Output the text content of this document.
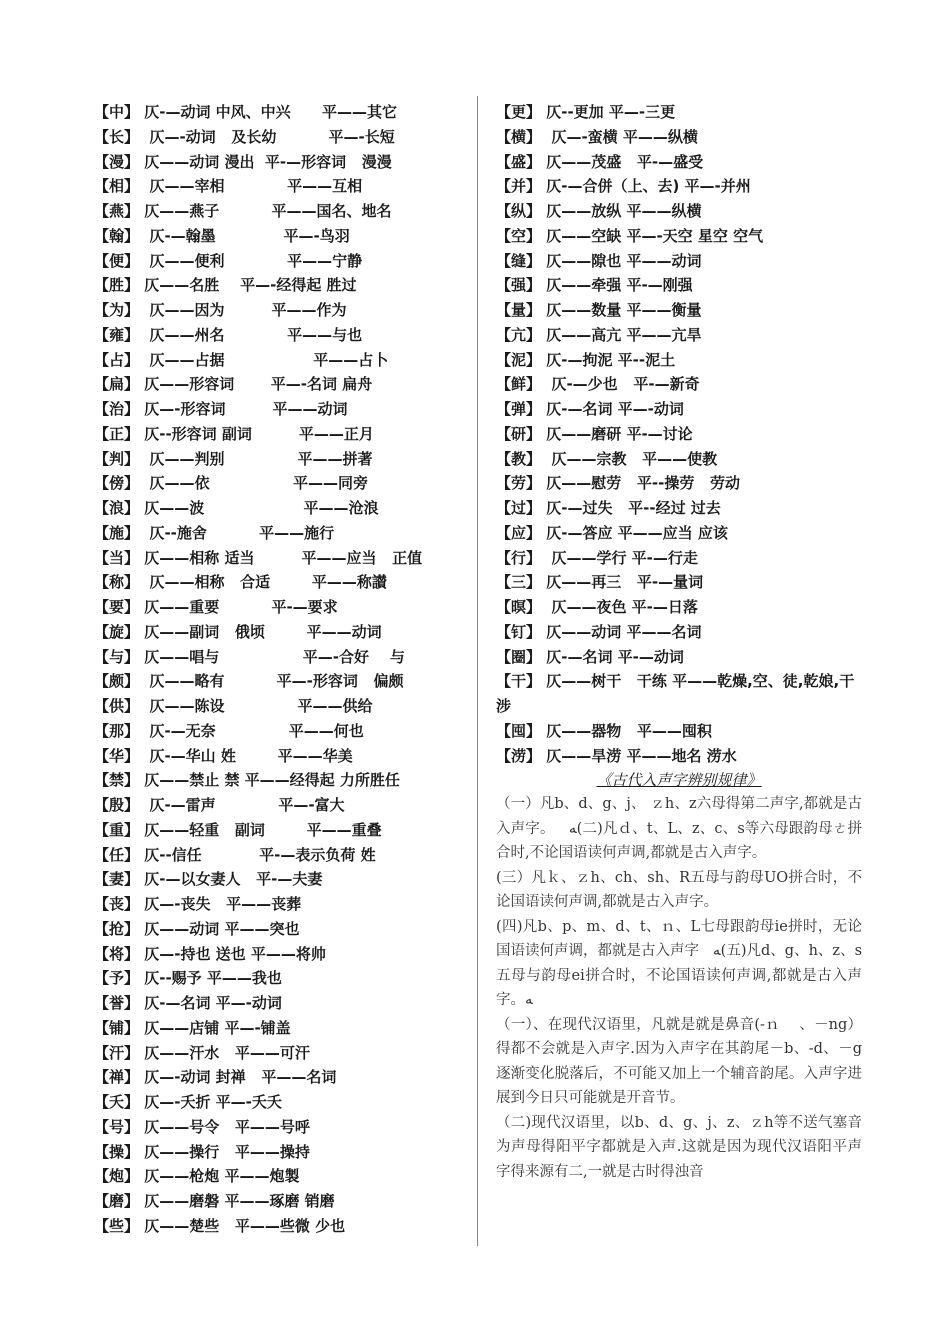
【中】 仄-—动词 中风、中兴      平——其它
【长】  仄—-动词   及长幼          平—-长短
【漫】 仄——动词 漫出  平-—形容词   漫漫
【相】  仄——宰相            平——互相
【燕】 仄——燕子          平——国名、地名
【翰】  仄-—翰墨             平—-鸟羽
【便】  仄——便利            平——宁静
【胜】 仄——名胜    平—-经得起 胜过
【为】  仄——因为         平——作为
【雍】  仄——州名            平——与也
【占】  仄——占据                 平——占卜
【扁】 仄——形容词       平—-名词 扁舟
【治】 仄—-形容词         平——动词
【正】 仄--形容词 副词         平——正月
【判】  仄——判别              平——拼著
【傍】  仄——依                平——同旁
【浪】 仄——波                   平——沧浪
【施】  仄--施舍          平——施行
【当】 仄——相称 适当         平——应当   正值
【称】  仄——相称   合适        平——称讃
【要】 仄——重要          平-—要求
【旋】 仄——副词   俄顷        平——动词
【与】 仄——唱与                平—-合好    与
【颇】  仄——略有          平—-形容词   偏颇
【供】  仄——陈设              平——供给
【那】  仄-—无奈              平——何也
【华】  仄-—华山 姓        平——华美
【禁】 仄——禁止 禁 平——经得起 力所胜任
【殷】  仄-—雷声            平—-富大
【重】 仄——轻重   副词        平——重叠
【任】 仄--信任           平-—表示负荷 姓
【妻】 仄-—以女妻人   平-—夫妻
【丧】 仄—-丧失   平——丧葬
【抢】 仄——动词 平——突也
【将】 仄—-持也 送也 平——将帅
【予】 仄--赐予 平——我也
【誉】 仄-—名词 平—-动词
【铺】 仄——店铺 平—-铺盖
【汗】 仄——汗水   平——可汗
【禅】 仄—-动词 封禅   平——名词
【夭】 仄—-夭折 平—-夭夭
【号】 仄——号令   平——号呼
【操】 仄——操行   平——操持
【炮】 仄——枪炮 平——炮製
【磨】 仄——磨磐 平——琢磨 销磨
【些】 仄——楚些   平——些微 少也
【更】 仄--更加 平—-三更
【横】  仄—-蛮横 平——纵横
【盛】 仄——茂盛   平-—盛受
【并】 仄-—合併（上、去) 平—-并州
【纵】 仄——放纵 平——纵横
【空】 仄——空缺 平—-天空 星空 空气
【缝】 仄——隙也 平——动词
【强】 仄——牵强 平-—刚强
【量】 仄——数量 平——衡量
【亢】 仄——高亢 平——亢旱
【泥】 仄-—拘泥 平--泥土
【鲜】  仄-—少也   平-—新奇
【弹】 仄-—名词 平—-动词
【研】 仄——磨研 平-—讨论
【教】  仄——宗教   平——使教
【劳】 仄——慰劳   平--操劳   劳动
【过】 仄-—过失   平--经过 过去
【应】 仄-—答应 平——应当 应该
【行】  仄——学行 平-—行走
【三】 仄——再三   平-—量词
【暝】  仄——夜色 平-—日落
【钉】 仄——动词 平——名词
【圈】 仄-—名词 平-—动词
【干】 仄——树干   干练 平——乾燥,空、徒,乾娘,干涉
【囤】 仄——器物   平——囤积
【涝】 仄——旱涝 平——地名 涝水
《古代入声字辨别规律》

（一）凡b、d、g、j、 ｚh、z六母得第二声字,都就是古入声字。   ﻪ(二)凡ｄ、t、L、z、c、s等六母跟韵母ㄜ拼合时,不论国语读何声调,都就是古入声字。

(三）凡ｋ、ｚh、ch、sh、R五母与韵母UO拼合时，不论国语读何声调,都就是古入声字。

(四)凡b、p、m、d、t、ｎ、L七母跟韵母ie拼时，无论国语读何声调，都就是古入声字   ﻪ(五)凡d、g、h、z、s五母与韵母ei拼合时，不论国语读何声调,都就是古入声字。ﻪ

（一）、在现代汉语里，凡就是就是鼻音(-ｎ    、－ng）得都不会就是入声字.因为入声字在其韵尾－b、-d、－g逐渐变化脱落后，不可能又加上一个辅音韵尾。入声字进展到今日只可能就是开音节。

（二)现代汉语里，以b、d、g、j、z、ｚh等不送气塞音为声母得阳平字都就是入声.这就是因为现代汉语阳平声字得来源有二,一就是古时得浊音
